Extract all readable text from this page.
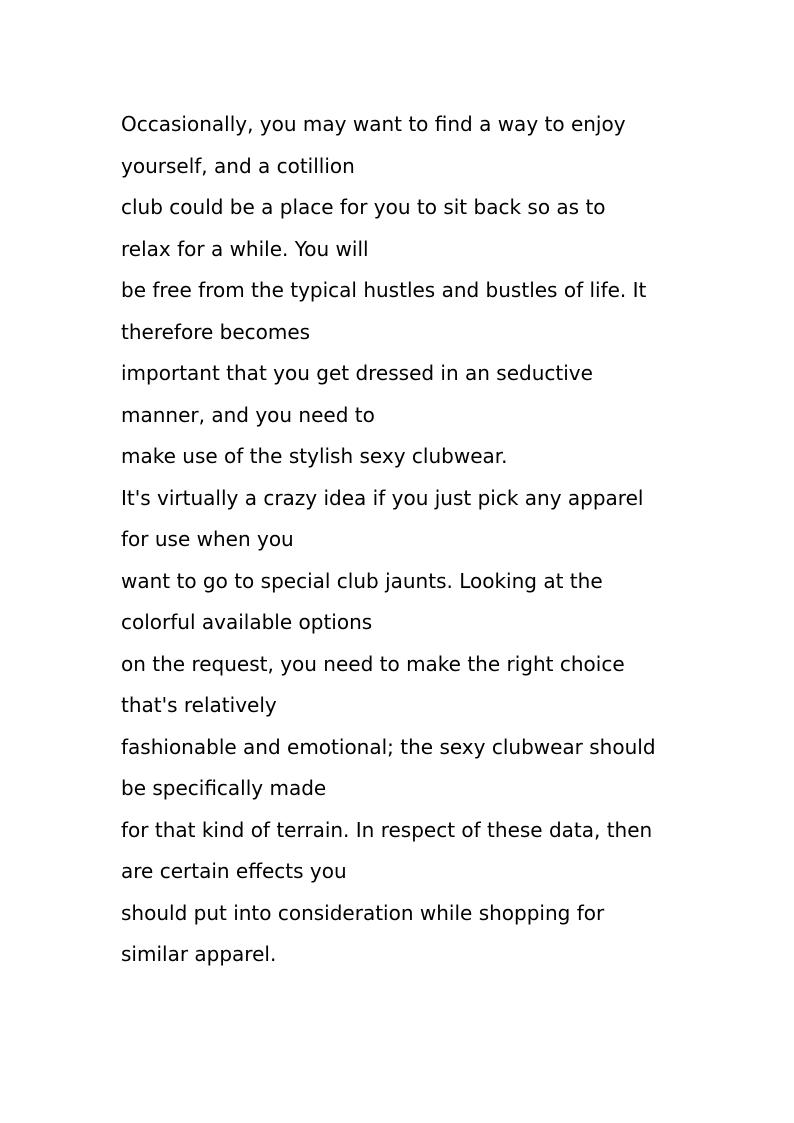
Occasionally, you may want to find a way to enjoy
yourself, and a cotillion
club could be a place for you to sit back so as to
relax for a while. You will
be free from the typical hustles and bustles of life. It
therefore becomes
important that you get dressed in an seductive
manner, and you need to
make use of the stylish sexy clubwear.
It's virtually a crazy idea if you just pick any apparel
for use when you
want to go to special club jaunts. Looking at the
colorful available options
on the request, you need to make the right choice
that's relatively
fashionable and emotional; the sexy clubwear should
be specifically made
for that kind of terrain. In respect of these data, then
are certain effects you
should put into consideration while shopping for
similar apparel.
